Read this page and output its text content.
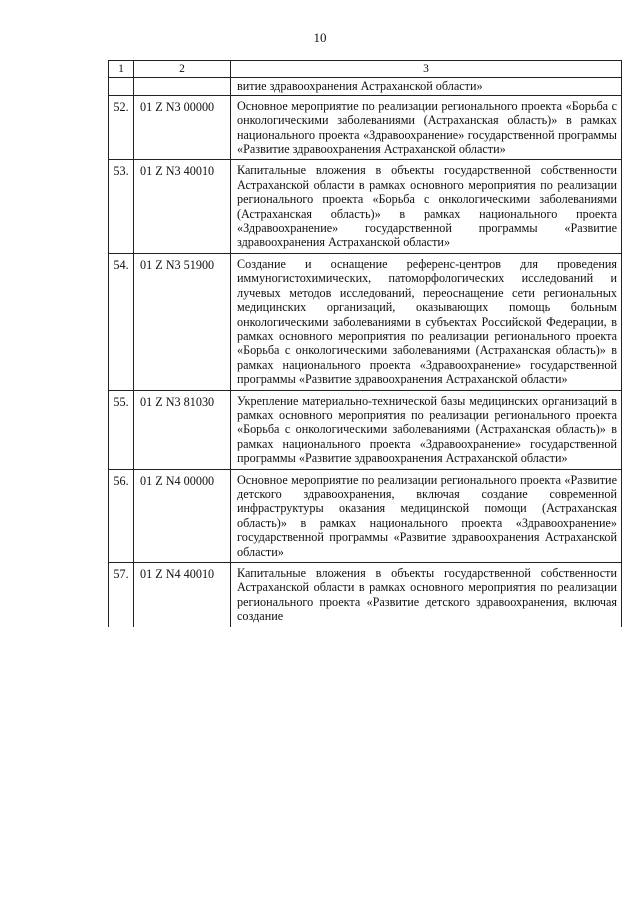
10
1	2	3
		витие здравоохранения Астраханской области»
52.	01 Z N3 00000	Основное мероприятие по реализации регионального проекта «Борьба с онкологическими заболеваниями (Астраханская область)» в рамках национального проекта «Здравоохранение» государственной программы «Развитие здравоохранения Астраханской области»
53.	01 Z N3 40010	Капитальные вложения в объекты государственной собственности Астраханской области в рамках основного мероприятия по реализации регионального проекта «Борьба с онкологическими заболеваниями (Астраханская область)» в рамках национального проекта «Здравоохранение» государственной программы «Развитие здравоохранения Астраханской области»
54.	01 Z N3 51900	Создание и оснащение референс-центров для проведения иммуногистохимических, патоморфологических исследований и лучевых методов исследований, переоснащение сети региональных медицинских организаций, оказывающих помощь больным онкологическими заболеваниями в субъектах Российской Федерации, в рамках основного мероприятия по реализации регионального проекта «Борьба с онкологическими заболеваниями (Астраханская область)» в рамках национального проекта «Здравоохранение» государственной программы «Развитие здравоохранения Астраханской области»
55.	01 Z N3 81030	Укрепление материально-технической базы медицинских организаций в рамках основного мероприятия по реализации регионального проекта «Борьба с онкологическими заболеваниями (Астраханская область)» в рамках национального проекта «Здравоохранение» государственной программы «Развитие здравоохранения Астраханской области»
56.	01 Z N4 00000	Основное мероприятие по реализации регионального проекта «Развитие детского здравоохранения, включая создание современной инфраструктуры оказания медицинской помощи (Астраханская область)» в рамках национального проекта «Здравоохранение» государственной программы «Развитие здравоохранения Астраханской области»
57.	01 Z N4 40010	Капитальные вложения в объекты государственной собственности Астраханской области в рамках основного мероприятия по реализации регионального проекта «Развитие детского здравоохранения, включая создание
